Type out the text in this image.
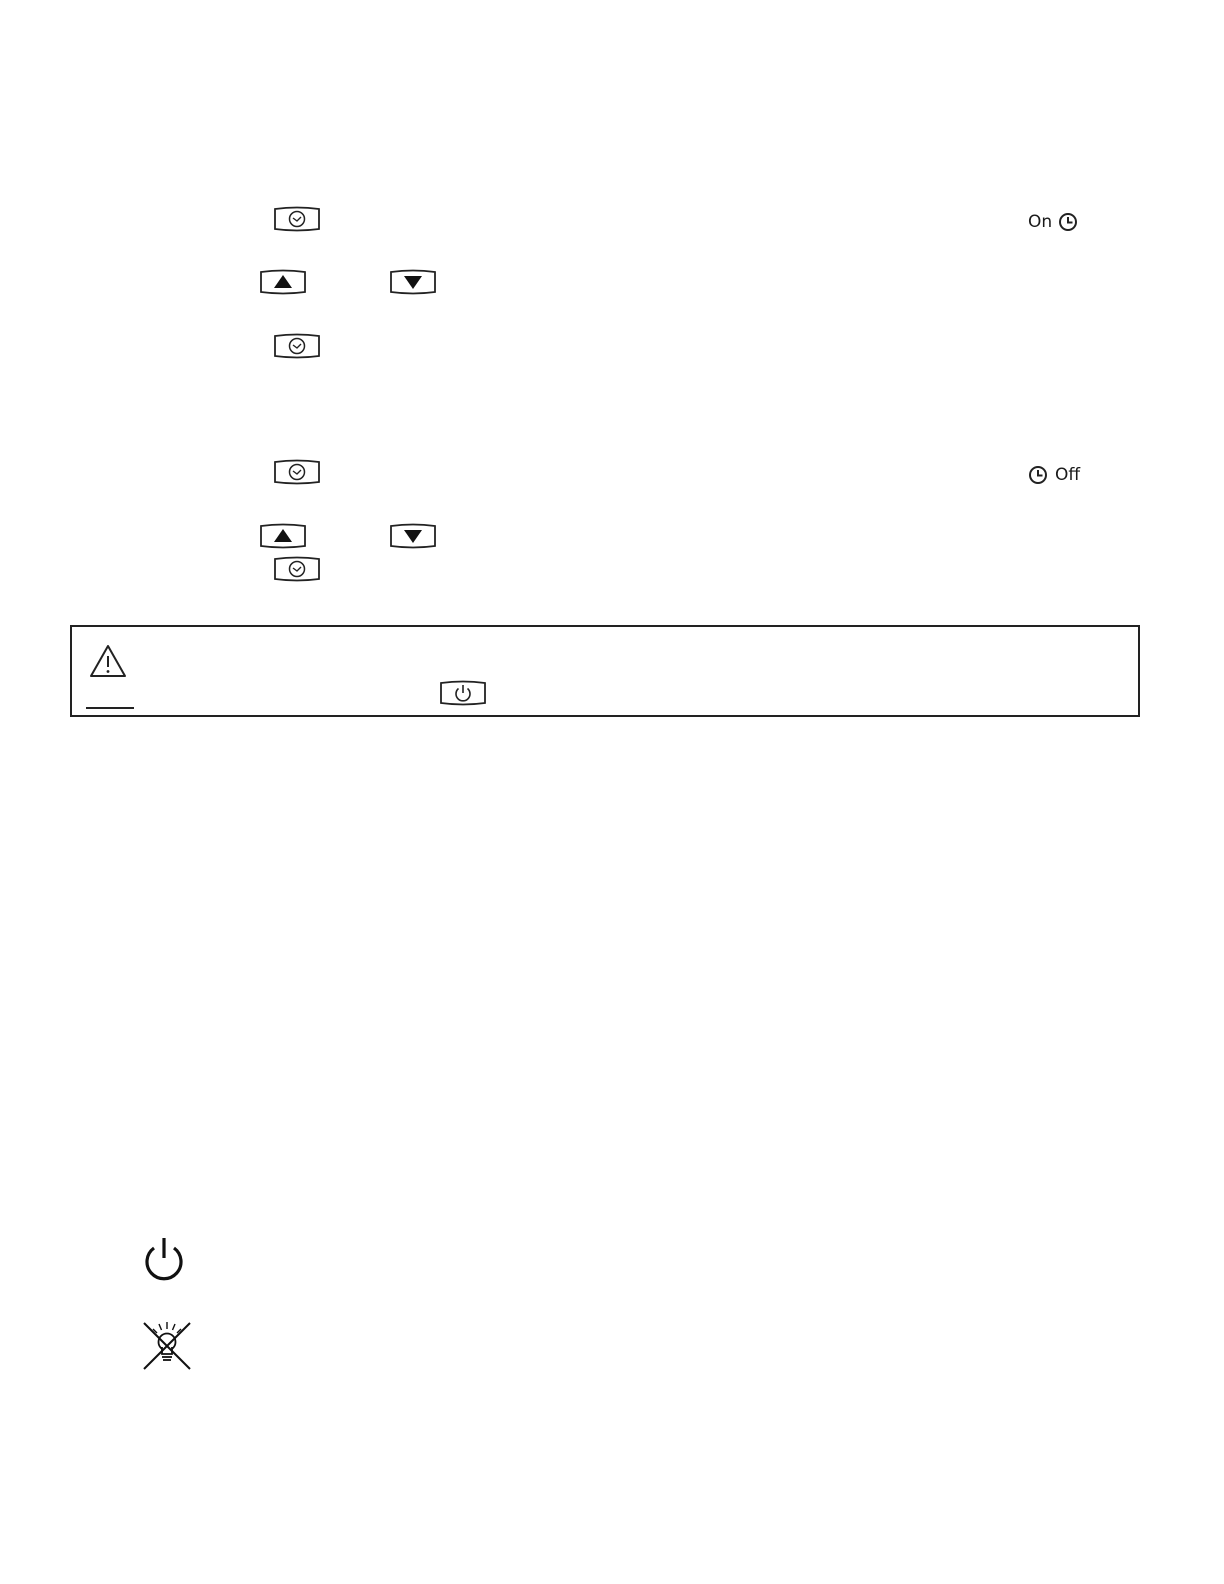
On
Off
